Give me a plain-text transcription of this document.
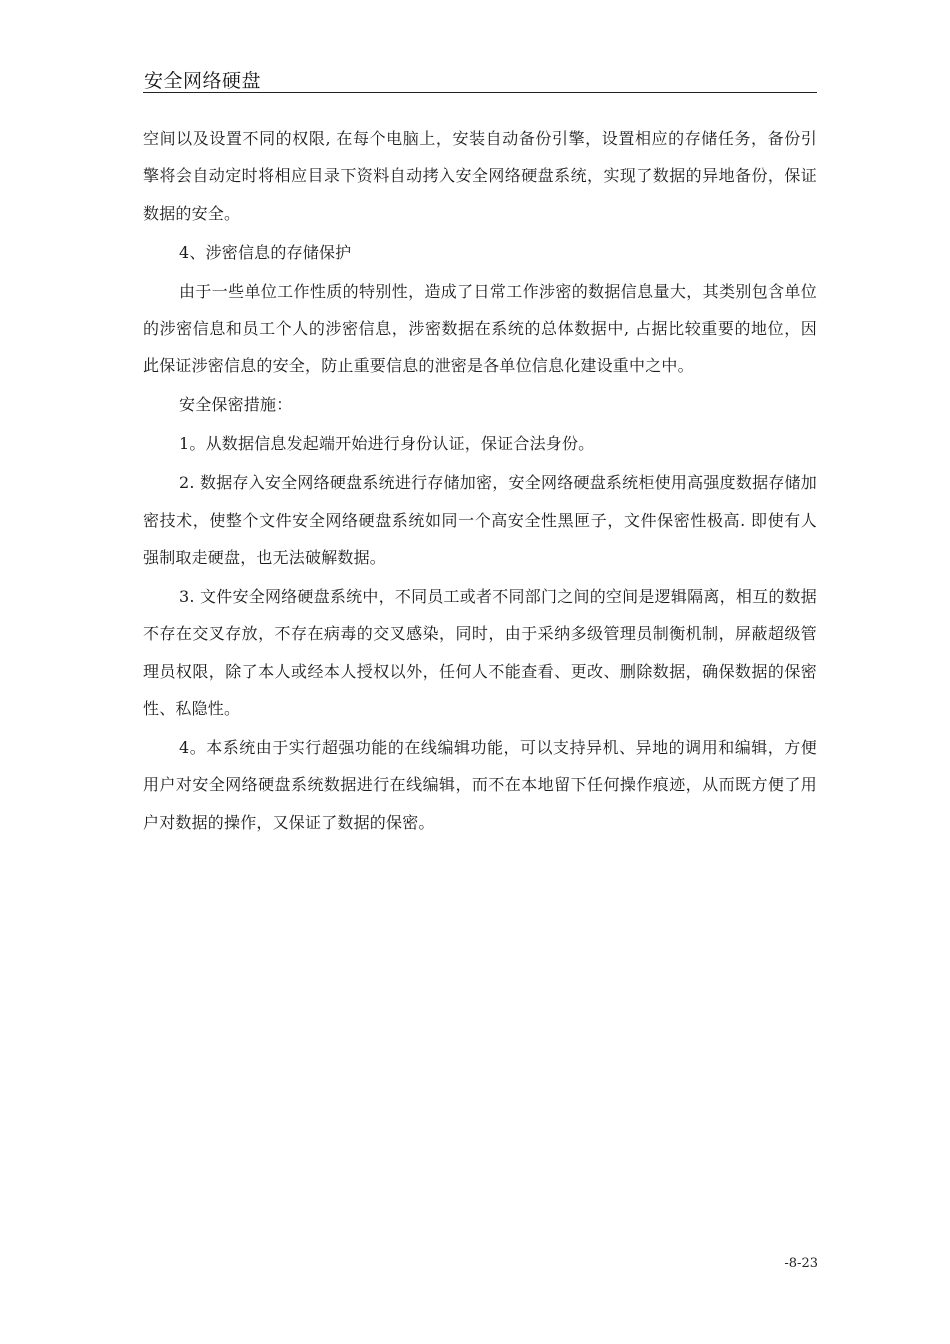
安全网络硬盘

空间以及设置不同的权限, 在每个电脑上，安装自动备份引擎，设置相应的存储任务，备份引擎将会自动定时将相应目录下资料自动拷入安全网络硬盘系统，实现了数据的异地备份，保证数据的安全。

4、涉密信息的存储保护

由于一些单位工作性质的特别性，造成了日常工作涉密的数据信息量大，其类别包含单位的涉密信息和员工个人的涉密信息，涉密数据在系统的总体数据中, 占据比较重要的地位，因此保证涉密信息的安全，防止重要信息的泄密是各单位信息化建设重中之中。

安全保密措施：

1。从数据信息发起端开始进行身份认证，保证合法身份。

2. 数据存入安全网络硬盘系统进行存储加密，安全网络硬盘系统柜使用高强度数据存储加密技术，使整个文件安全网络硬盘系统如同一个高安全性黑匣子，文件保密性极高. 即使有人强制取走硬盘，也无法破解数据。

3. 文件安全网络硬盘系统中，不同员工或者不同部门之间的空间是逻辑隔离，相互的数据不存在交叉存放，不存在病毒的交叉感染，同时，由于采纳多级管理员制衡机制，屏蔽超级管理员权限，除了本人或经本人授权以外，任何人不能查看、更改、删除数据，确保数据的保密性、私隐性。

4。本系统由于实行超强功能的在线编辑功能，可以支持异机、异地的调用和编辑，方便用户对安全网络硬盘系统数据进行在线编辑，而不在本地留下任何操作痕迹，从而既方便了用户对数据的操作，又保证了数据的保密。

-8-23
